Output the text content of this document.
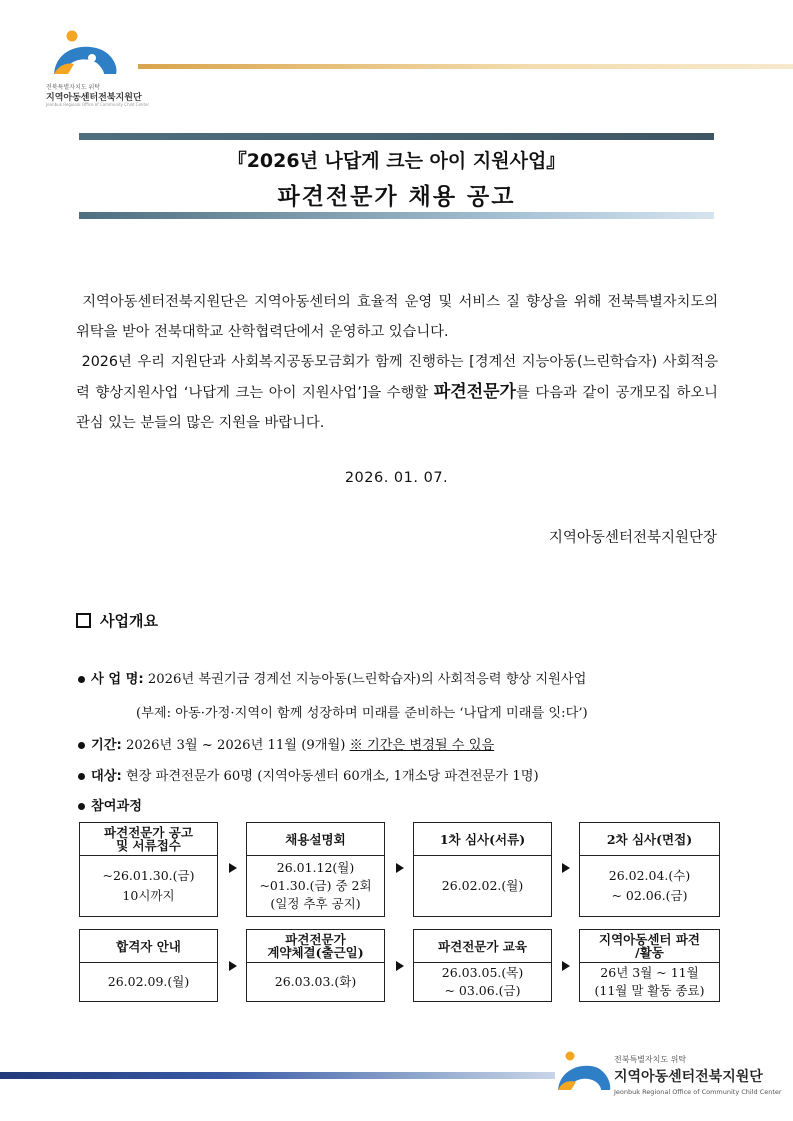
전북특별자치도 위탁
지역아동센터전북지원단
Jeonbuk Regional Office of Community Child Center
『2026년 나답게 크는 아이 지원사업』
파견전문가 채용 공고

지역아동센터전북지원단은 지역아동센터의 효율적 운영 및 서비스 질 향상을 위해 전북특별자치도의 위탁을 받아 전북대학교 산학협력단에서 운영하고 있습니다.

2026년 우리 지원단과 사회복지공동모금회가 함께 진행하는 [경계선 지능아동(느린학습자) 사회적응력 향상지원사업 ‘나답게 크는 아이 지원사업’]을 수행할 파견전문가를 다음과 같이 공개모집 하오니 관심 있는 분들의 많은 지원을 바랍니다.

2026. 01. 07.
지역아동센터전북지원단장
사업개요
사 업 명: 2026년 복권기금 경계선 지능아동(느린학습자)의 사회적응력 향상 지원사업
(부제: 아동·가정·지역이 함께 성장하며 미래를 준비하는 ‘나답게 미래를 잇:다’)
기간: 2026년 3월 ~ 2026년 11월 (9개월) ※ 기간은 변경될 수 있음
대상: 현장 파견전문가 60명 (지역아동센터 60개소, 1개소당 파견전문가 1명)
참여과정
파견전문가 공고
및 서류접수
~26.01.30.(금)
10시까지
채용설명회
26.01.12(월)
~01.30.(금) 중 2회
(일정 추후 공지)
1차 심사(서류)
26.02.02.(월)
2차 심사(면접)
26.02.04.(수)
~ 02.06.(금)
합격자 안내
26.02.09.(월)
파견전문가
계약체결(출근일)
26.03.03.(화)
파견전문가 교육
26.03.05.(목)
~ 03.06.(금)
지역아동센터 파견
/활동
26년 3월 ~ 11월
(11월 말 활동 종료)
전북특별자치도 위탁
지역아동센터전북지원단
Jeonbuk Regional Office of Community Child Center
